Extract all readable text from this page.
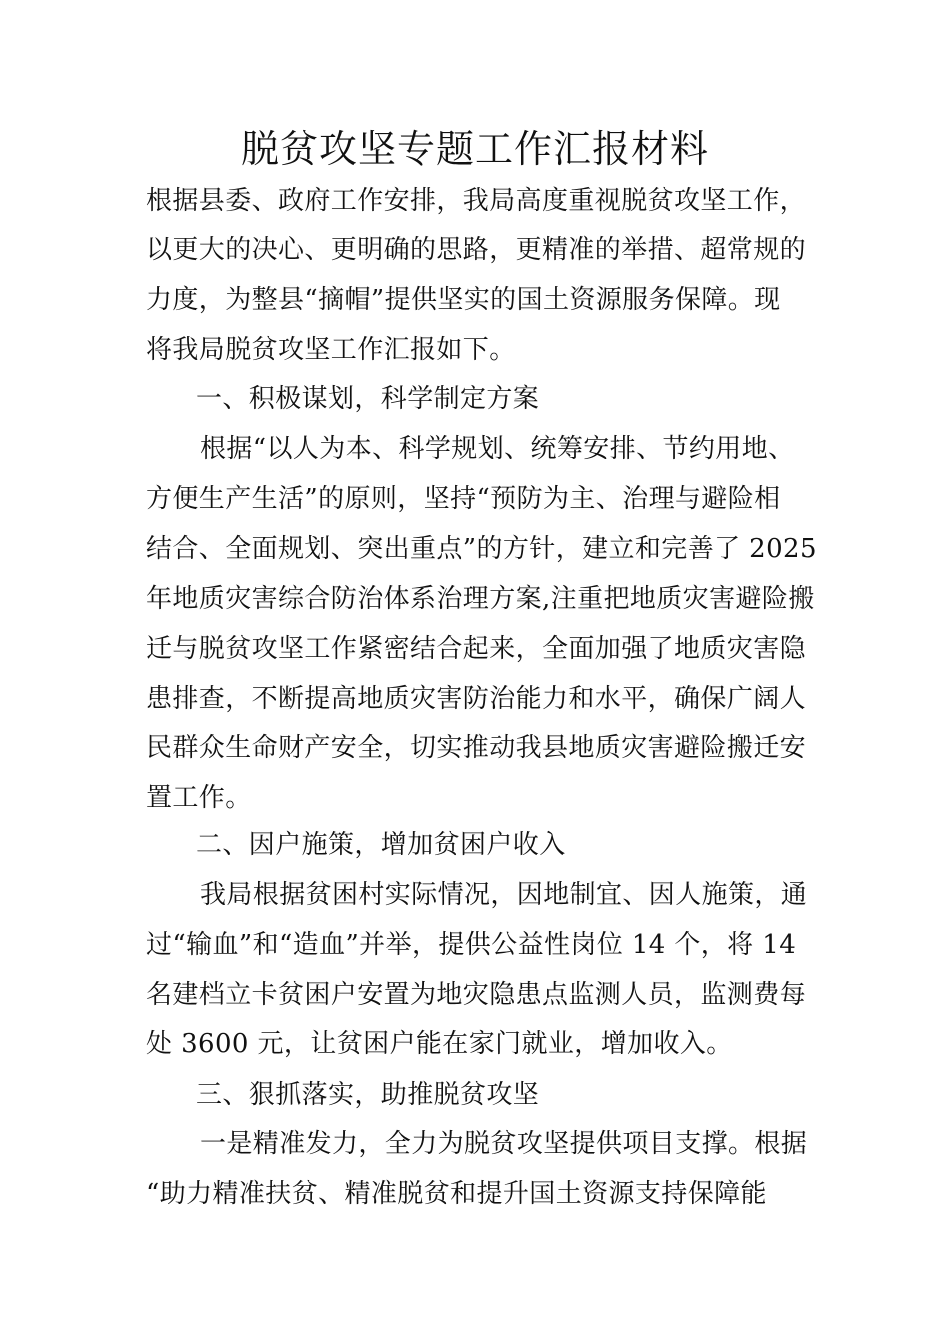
脱贫攻坚专题工作汇报材料
根据县委、政府工作安排，我局高度重视脱贫攻坚工作，
以更大的决心、更明确的思路，更精准的举措、超常规的
力度，为整县“摘帽”提供坚实的国土资源服务保障。现
将我局脱贫攻坚工作汇报如下。
一、积极谋划，科学制定方案
根据“以人为本、科学规划、统筹安排、节约用地、
方便生产生活”的原则，坚持“预防为主、治理与避险相
结合、全面规划、突出重点”的方针，建立和完善了 2025
年地质灾害综合防治体系治理方案,注重把地质灾害避险搬
迁与脱贫攻坚工作紧密结合起来，全面加强了地质灾害隐
患排查，不断提高地质灾害防治能力和水平，确保广阔人
民群众生命财产安全，切实推动我县地质灾害避险搬迁安
置工作。
二、因户施策，增加贫困户收入
我局根据贫困村实际情况，因地制宜、因人施策，通
过“输血”和“造血”并举，提供公益性岗位 14 个，将 14
名建档立卡贫困户安置为地灾隐患点监测人员，监测费每
处 3600 元，让贫困户能在家门就业，增加收入。
三、狠抓落实，助推脱贫攻坚
一是精准发力，全力为脱贫攻坚提供项目支撑。根据
“助力精准扶贫、精准脱贫和提升国土资源支持保障能
